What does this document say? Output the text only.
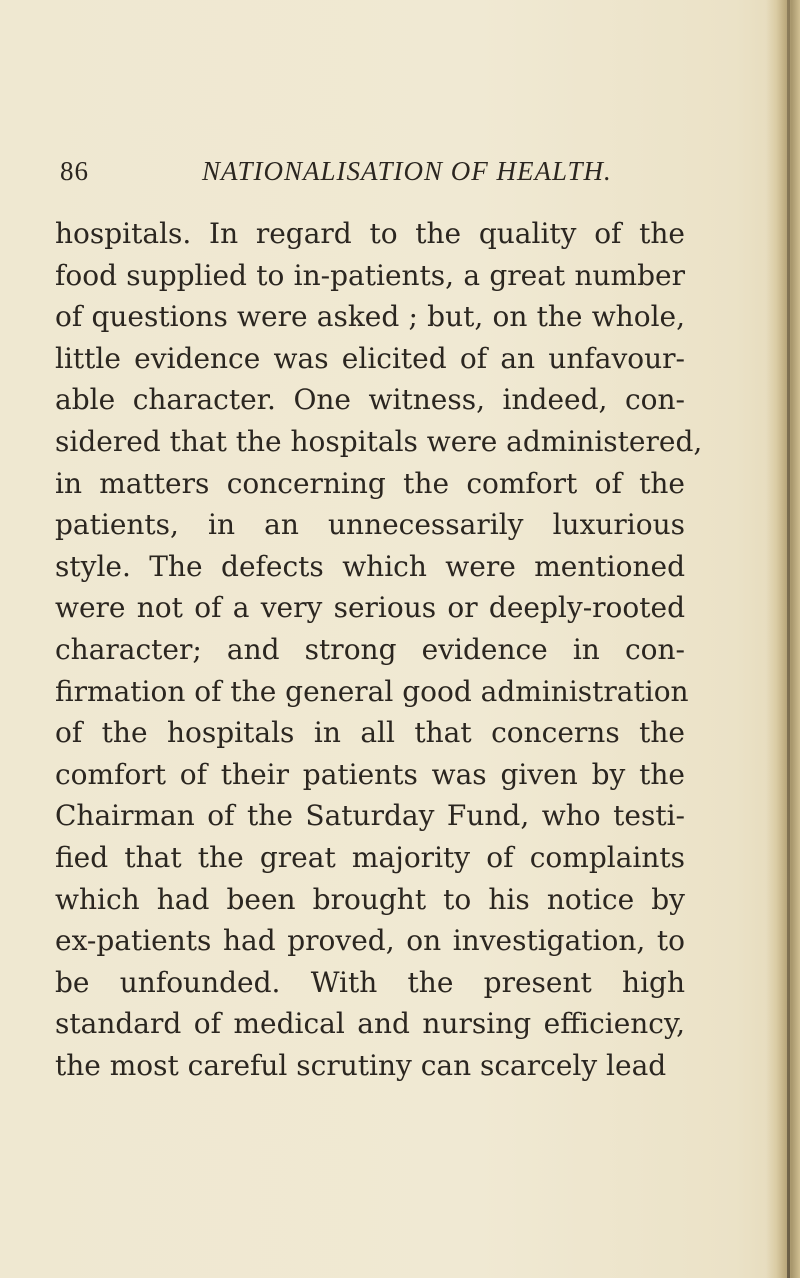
86	NATIONALISATION OF HEALTH.

hospitals. In regard to the quality of the
food supplied to in-patients, a great number
of questions were asked ; but, on the whole,
little evidence was elicited of an unfavour-
able character. One witness, indeed, con-
sidered that the hospitals were administered,
in matters concerning the comfort of the
patients, in an unnecessarily luxurious
style. The defects which were mentioned
were not of a very serious or deeply-rooted
character; and strong evidence in con-
firmation of the general good administration
of the hospitals in all that concerns the
comfort of their patients was given by the
Chairman of the Saturday Fund, who testi-
fied that the great majority of complaints
which had been brought to his notice by
ex-patients had proved, on investigation, to
be unfounded. With the present high
standard of medical and nursing efficiency,
the most careful scrutiny can scarcely lead
